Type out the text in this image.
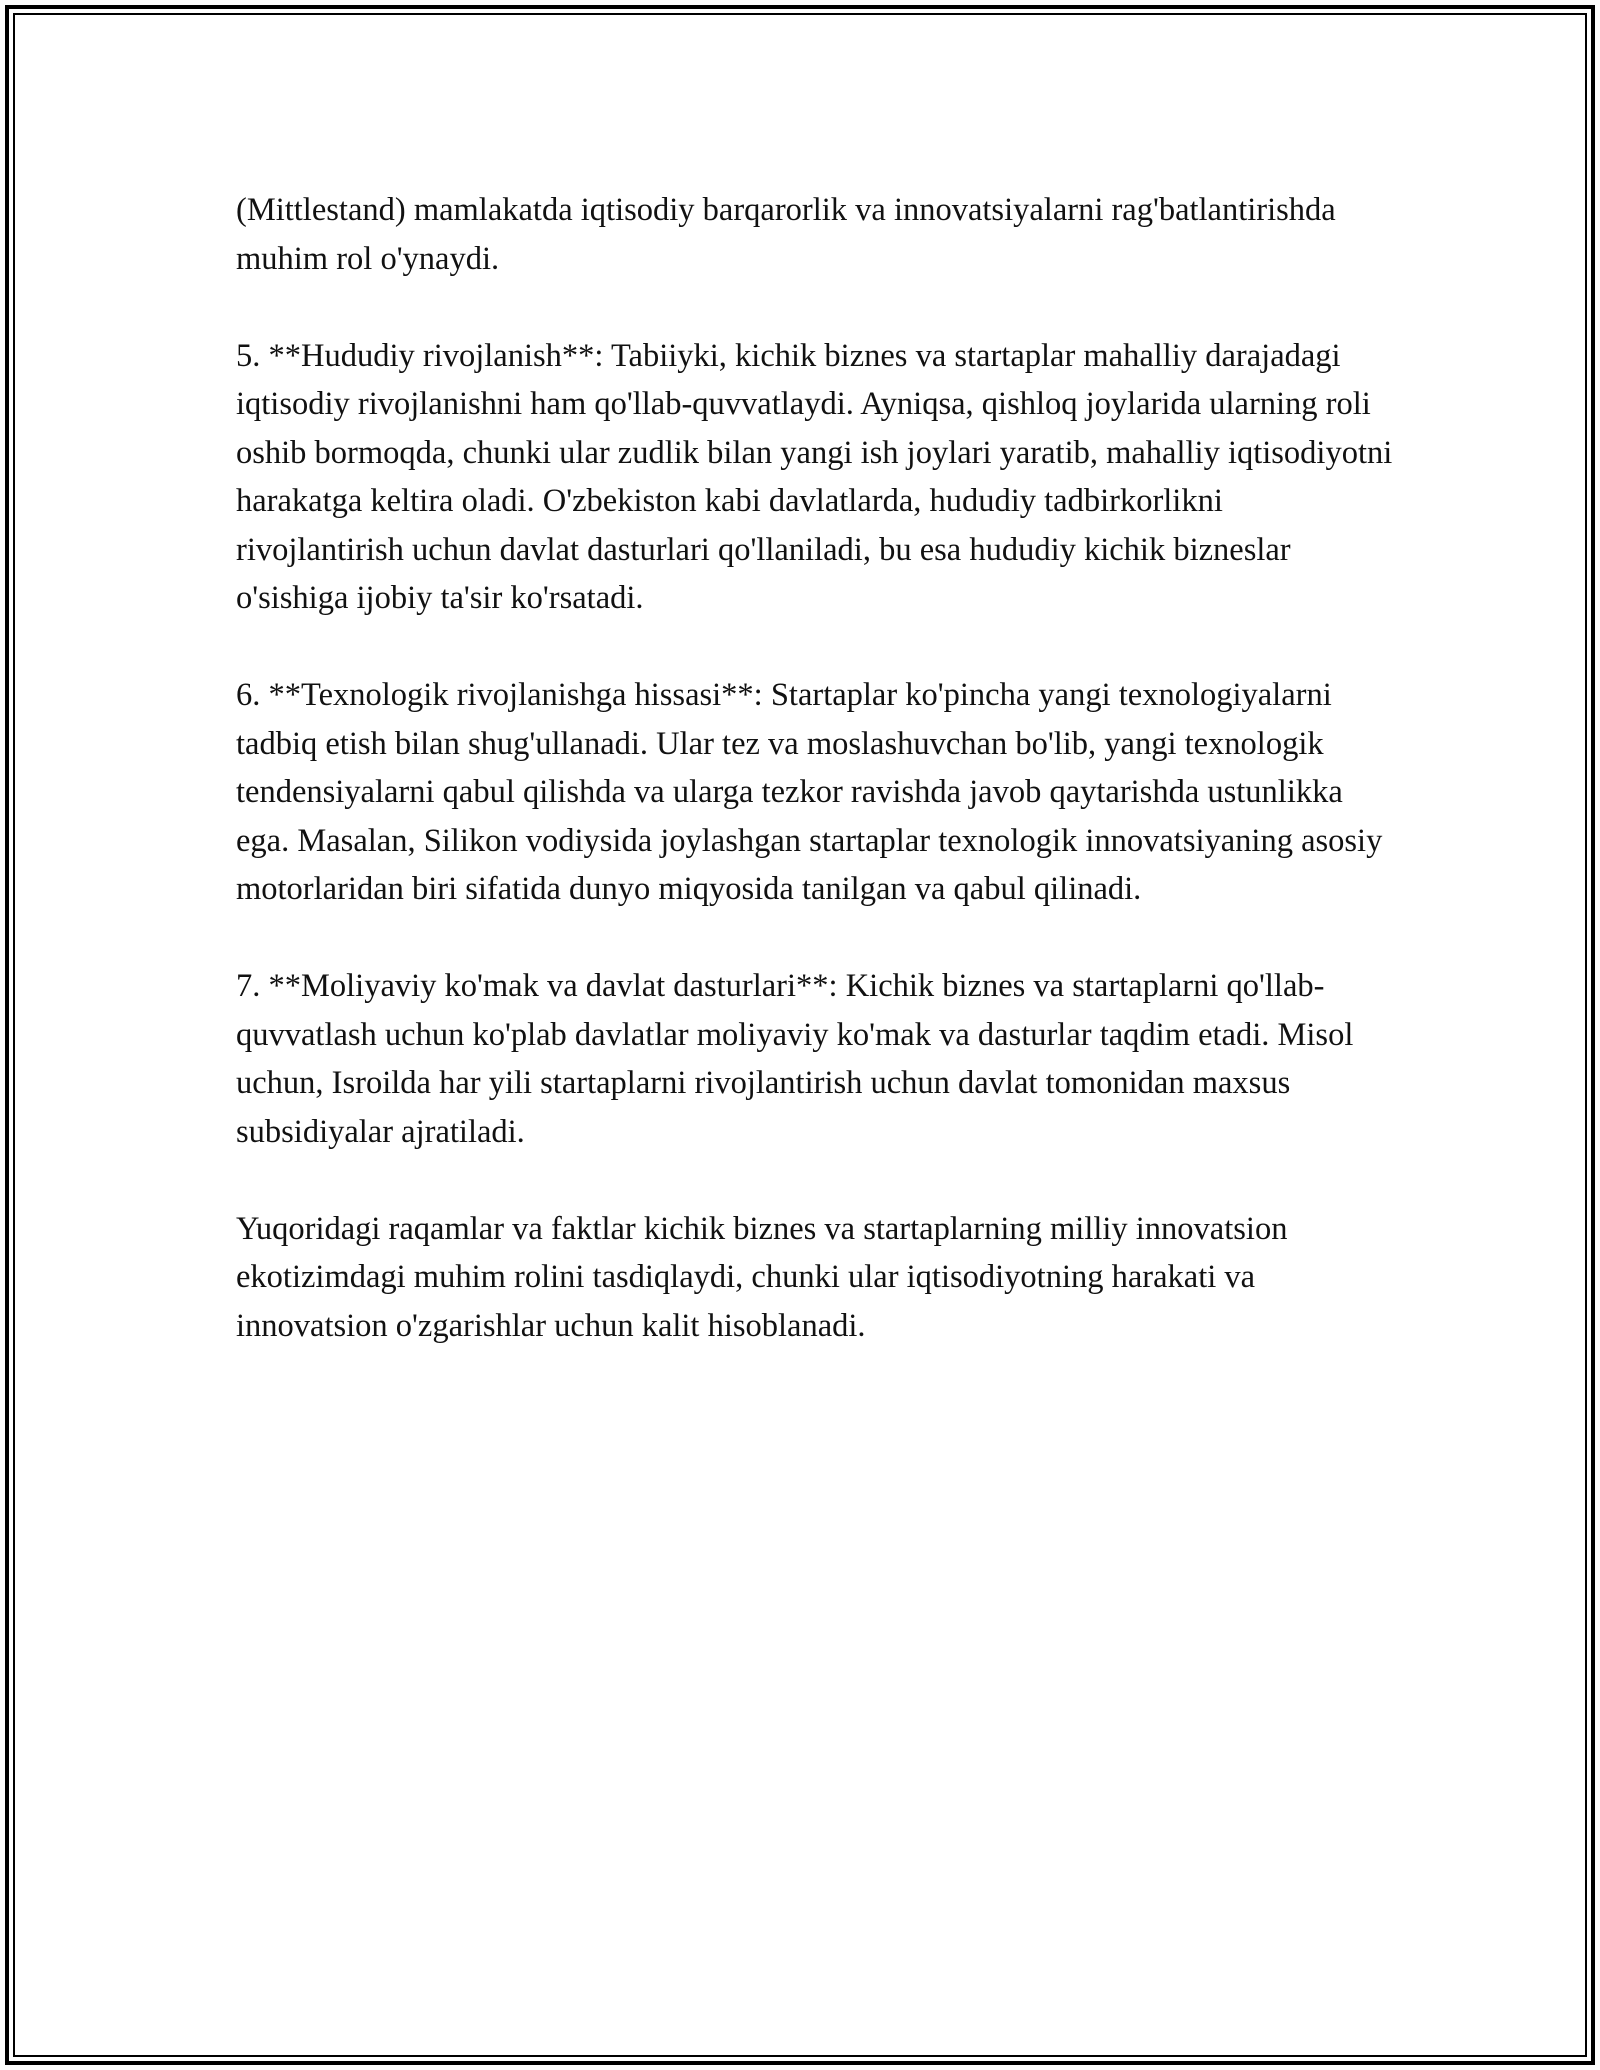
(Mittlestand) mamlakatda iqtisodiy barqarorlik va innovatsiyalarni rag'batlantirishda muhim rol o'ynaydi.

5. **Hududiy rivojlanish**: Tabiiyki, kichik biznes va startaplar mahalliy darajadagi iqtisodiy rivojlanishni ham qo'llab-quvvatlaydi. Ayniqsa, qishloq joylarida ularning roli oshib bormoqda, chunki ular zudlik bilan yangi ish joylari yaratib, mahalliy iqtisodiyotni harakatga keltira oladi. O'zbekiston kabi davlatlarda, hududiy tadbirkorlikni rivojlantirish uchun davlat dasturlari qo'llaniladi, bu esa hududiy kichik bizneslar o'sishiga ijobiy ta'sir ko'rsatadi.

6. **Texnologik rivojlanishga hissasi**: Startaplar ko'pincha yangi texnologiyalarni tadbiq etish bilan shug'ullanadi. Ular tez va moslashuvchan bo'lib, yangi texnologik tendensiyalarni qabul qilishda va ularga tezkor ravishda javob qaytarishda ustunlikka ega. Masalan, Silikon vodiysida joylashgan startaplar texnologik innovatsiyaning asosiy motorlaridan biri sifatida dunyo miqyosida tanilgan va qabul qilinadi.

7. **Moliyaviy ko'mak va davlat dasturlari**: Kichik biznes va startaplarni qo'llab-quvvatlash uchun ko'plab davlatlar moliyaviy ko'mak va dasturlar taqdim etadi. Misol uchun, Isroilda har yili startaplarni rivojlantirish uchun davlat tomonidan maxsus subsidiyalar ajratiladi.

Yuqoridagi raqamlar va faktlar kichik biznes va startaplarning milliy innovatsion ekotizimdagi muhim rolini tasdiqlaydi, chunki ular iqtisodiyotning harakati va innovatsion o'zgarishlar uchun kalit hisoblanadi.
